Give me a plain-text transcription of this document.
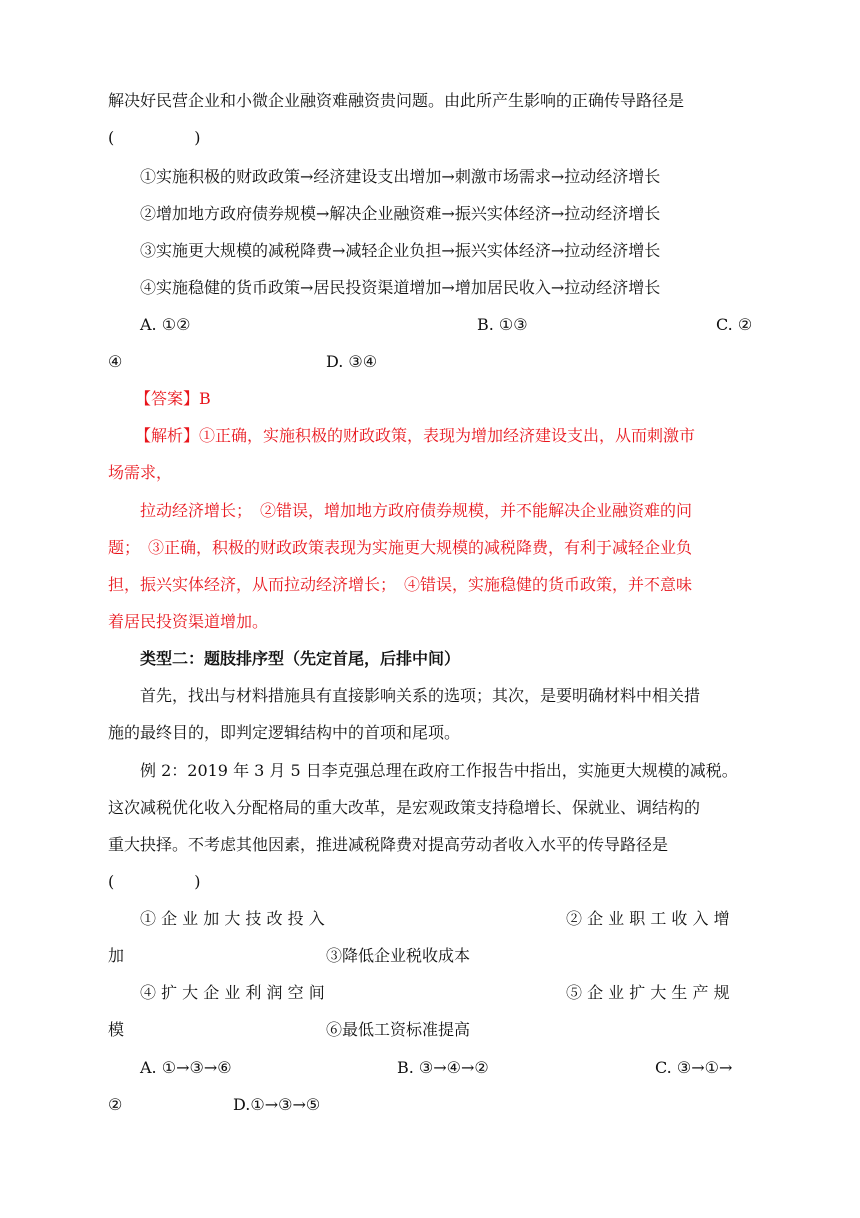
解决好民营企业和小微企业融资难融资贵问题。由此所产生影响的正确传导路径是
(　　　　　)
①实施积极的财政政策→经济建设支出增加→刺激市场需求→拉动经济增长
②增加地方政府债券规模→解决企业融资难→振兴实体经济→拉动经济增长
③实施更大规模的减税降费→减轻企业负担→振兴实体经济→拉动经济增长
④实施稳健的货币政策→居民投资渠道增加→增加居民收入→拉动经济增长
A. ①②	B. ①③	C. ②
④	D. ③④
【答案】B
【解析】①正确，实施积极的财政政策，表现为增加经济建设支出，从而刺激市
场需求，
拉动经济增长；　②错误，增加地方政府债券规模，并不能解决企业融资难的问
题；　③正确，积极的财政政策表现为实施更大规模的减税降费，有利于减轻企业负
担，振兴实体经济，从而拉动经济增长；　④错误，实施稳健的货币政策，并不意味
着居民投资渠道增加。
类型二：题肢排序型（先定首尾，后排中间）
首先，找出与材料措施具有直接影响关系的选项；其次，是要明确材料中相关措
施的最终目的，即判定逻辑结构中的首项和尾项。
例 2：2019 年 3 月 5 日李克强总理在政府工作报告中指出，实施更大规模的减税。
这次减税优化收入分配格局的重大改革，是宏观政策支持稳增长、保就业、调结构的
重大抉择。不考虑其他因素，推进减税降费对提高劳动者收入水平的传导路径是
(　　　　　)
① 企 业 加 大 技 改 投 入	② 企 业 职 工 收 入 增
加	③降低企业税收成本
④ 扩 大 企 业 利 润 空 间	⑤ 企 业 扩 大 生 产 规
模	⑥最低工资标准提高
A. ①→③→⑥	B. ③→④→②	C. ③→①→
②	D.①→③→⑤
